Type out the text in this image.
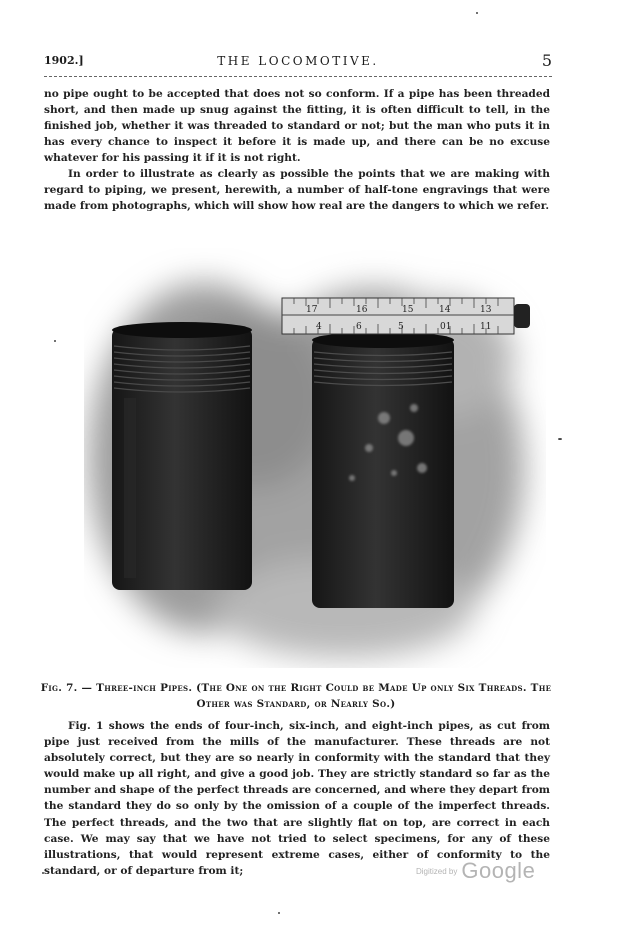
1902.]	THE LOCOMOTIVE.	5

no pipe ought to be accepted that does not so conform. If a pipe has been threaded short, and then made up snug against the fitting, it is often difficult to tell, in the finished job, whether it was threaded to standard or not; but the man who puts it in has every chance to inspect it before it is made up, and there can be no excuse whatever for his passing it if it is not right.

In order to illustrate as clearly as possible the points that we are making with regard to piping, we present, herewith, a number of half-tone engravings that were made from photographs, which will show how real are the dangers to which we refer.

17	16	15	14	13
4	6	5	01	11

Fig. 7. — Three-inch Pipes. (The One on the Right Could be Made Up only Six Threads. The Other was Standard, or Nearly So.)

Fig. 1 shows the ends of four-inch, six-inch, and eight-inch pipes, as cut from pipe just received from the mills of the manufacturer. These threads are not absolutely correct, but they are so nearly in conformity with the standard that they would make up all right, and give a good job. They are strictly standard so far as the number and shape of the perfect threads are concerned, and where they depart from the standard they do so only by the omission of a couple of the imperfect threads. The perfect threads, and the two that are slightly flat on top, are correct in each case. We may say that we have not tried to select specimens, for any of these illustrations, that would represent extreme cases, either of conformity to the standard, or of departure from it;	$^{Digitized by}$ Google
